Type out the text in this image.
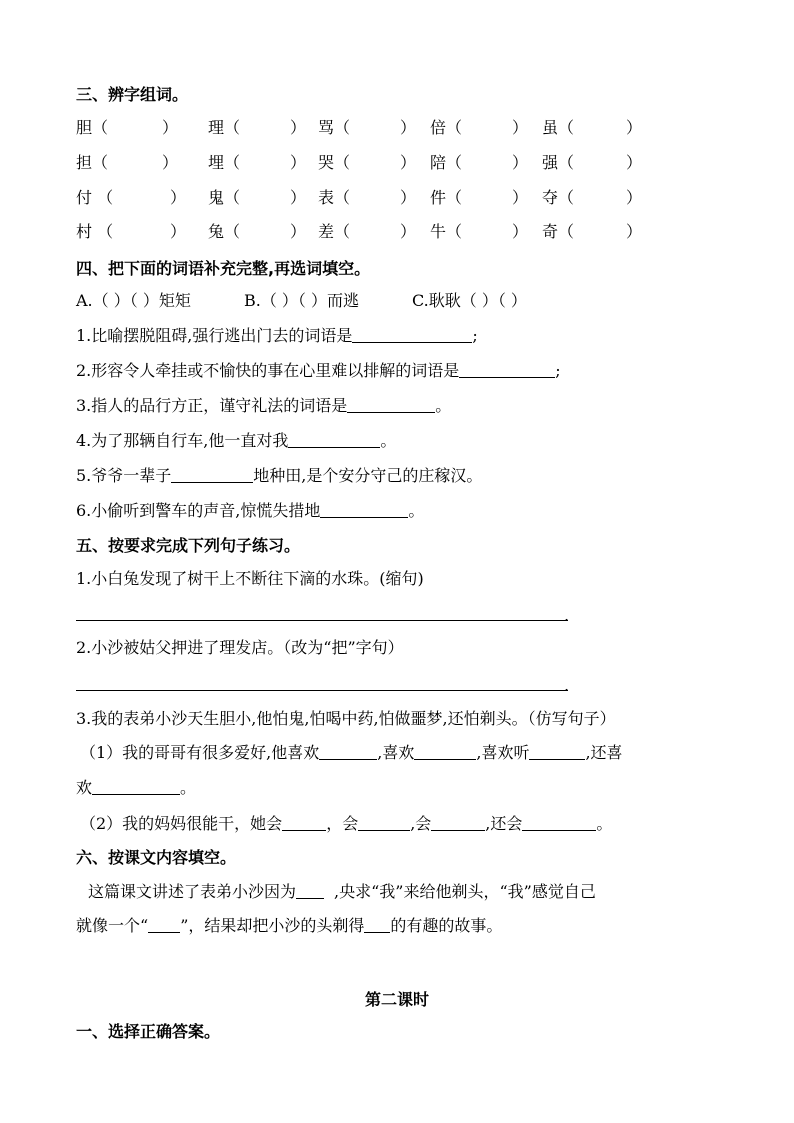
三、辨字组词。
胆（	） 理（	） 骂（	） 倍（	） 虽（	）
担（	） 埋（	） 哭（	） 陪（	） 强（	）
付 （	） 鬼（	） 表（	） 件（	） 夺（	）
村 （	） 兔（	） 差（	） 牛（	） 奇（	）
四、把下面的词语补充完整,再选词填空。
A.（ ）（ ）矩矩	B.（ ）（ ）而逃	C.耿耿（ ）（ ）
1.比喻摆脱阻碍,强行逃出门去的词语是	;
2.形容令人牵挂或不愉快的事在心里难以排解的词语是	;
3.指人的品行方正，谨守礼法的词语是	。
4.为了那辆自行车,他一直对我	。
5.爷爷一辈子	地种田,是个安分守己的庄稼汉。
6.小偷听到警车的声音,惊慌失措地	。
五、按要求完成下列句子练习。
1.小白兔发现了树干上不断往下滴的水珠。(缩句)
.
2.小沙被姑父押进了理发店。（改为“把”字句）
.
3.我的表弟小沙天生胆小,他怕鬼,怕喝中药,怕做噩梦,还怕剃头。（仿写句子）
（1）我的哥哥有很多爱好,他喜欢	,喜欢	,喜欢听	,还喜
欢	。
（2）我的妈妈很能干，她会	，会	,会	,还会	。
六、按课文内容填空。
这篇课文讲述了表弟小沙因为 ,央求“我”来给他剃头，“我”感觉自己
就像一个“ ”，结果却把小沙的头剃得 的有趣的故事。
第二课时
一、选择正确答案。
